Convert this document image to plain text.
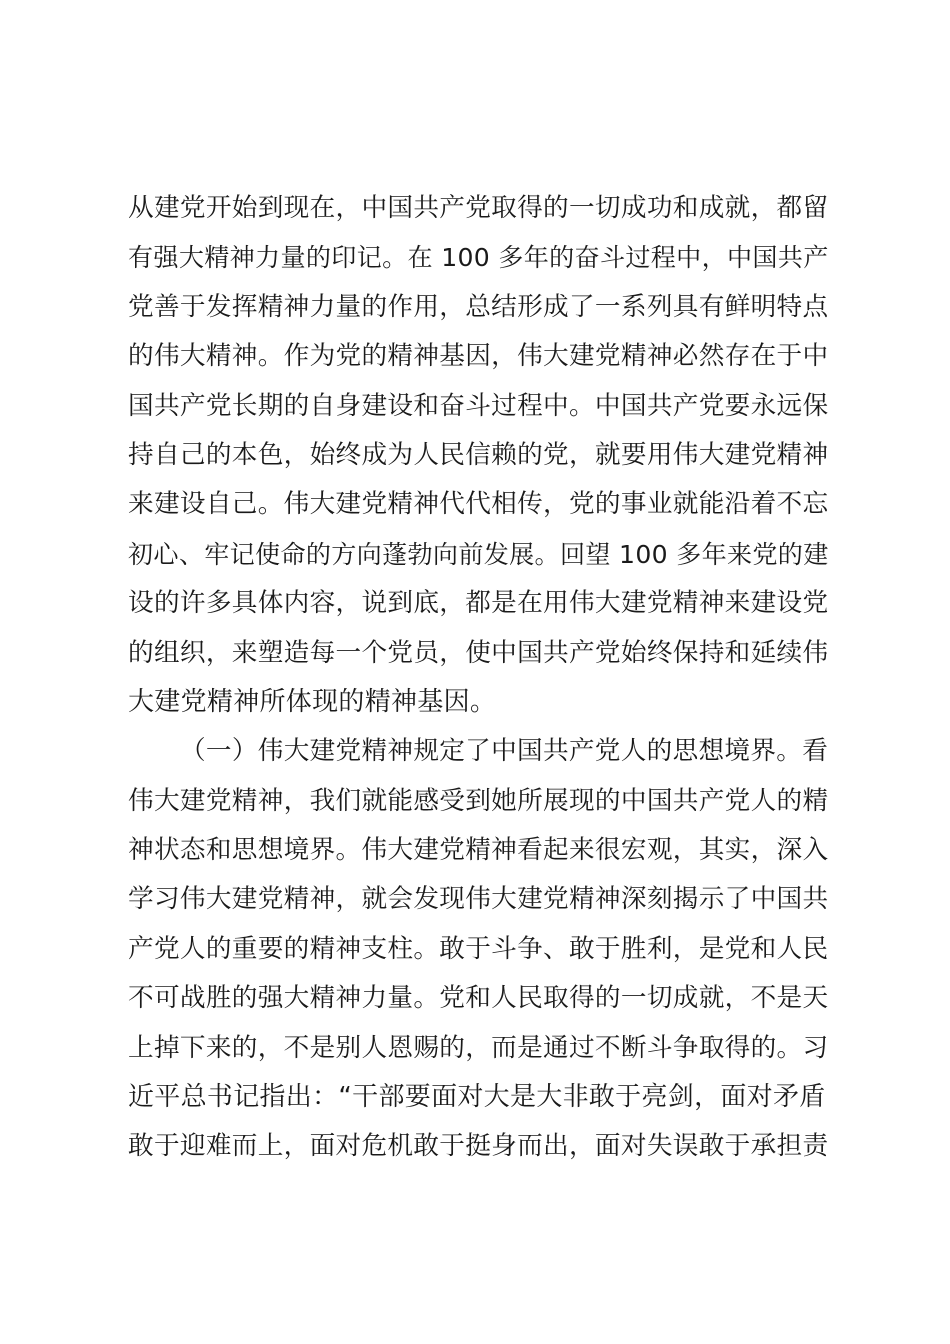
从建党开始到现在，中国共产党取得的一切成功和成就，都留
有强大精神力量的印记。在 100 多年的奋斗过程中，中国共产
党善于发挥精神力量的作用，总结形成了一系列具有鲜明特点
的伟大精神。作为党的精神基因，伟大建党精神必然存在于中
国共产党长期的自身建设和奋斗过程中。中国共产党要永远保
持自己的本色，始终成为人民信赖的党，就要用伟大建党精神
来建设自己。伟大建党精神代代相传，党的事业就能沿着不忘
初心、牢记使命的方向蓬勃向前发展。回望 100 多年来党的建
设的许多具体内容，说到底，都是在用伟大建党精神来建设党
的组织，来塑造每一个党员，使中国共产党始终保持和延续伟
大建党精神所体现的精神基因。
（一）伟大建党精神规定了中国共产党人的思想境界。看
伟大建党精神，我们就能感受到她所展现的中国共产党人的精
神状态和思想境界。伟大建党精神看起来很宏观，其实，深入
学习伟大建党精神，就会发现伟大建党精神深刻揭示了中国共
产党人的重要的精神支柱。敢于斗争、敢于胜利，是党和人民
不可战胜的强大精神力量。党和人民取得的一切成就，不是天
上掉下来的，不是别人恩赐的，而是通过不断斗争取得的。习
近平总书记指出：“干部要面对大是大非敢于亮剑，面对矛盾
敢于迎难而上，面对危机敢于挺身而出，面对失误敢于承担责
